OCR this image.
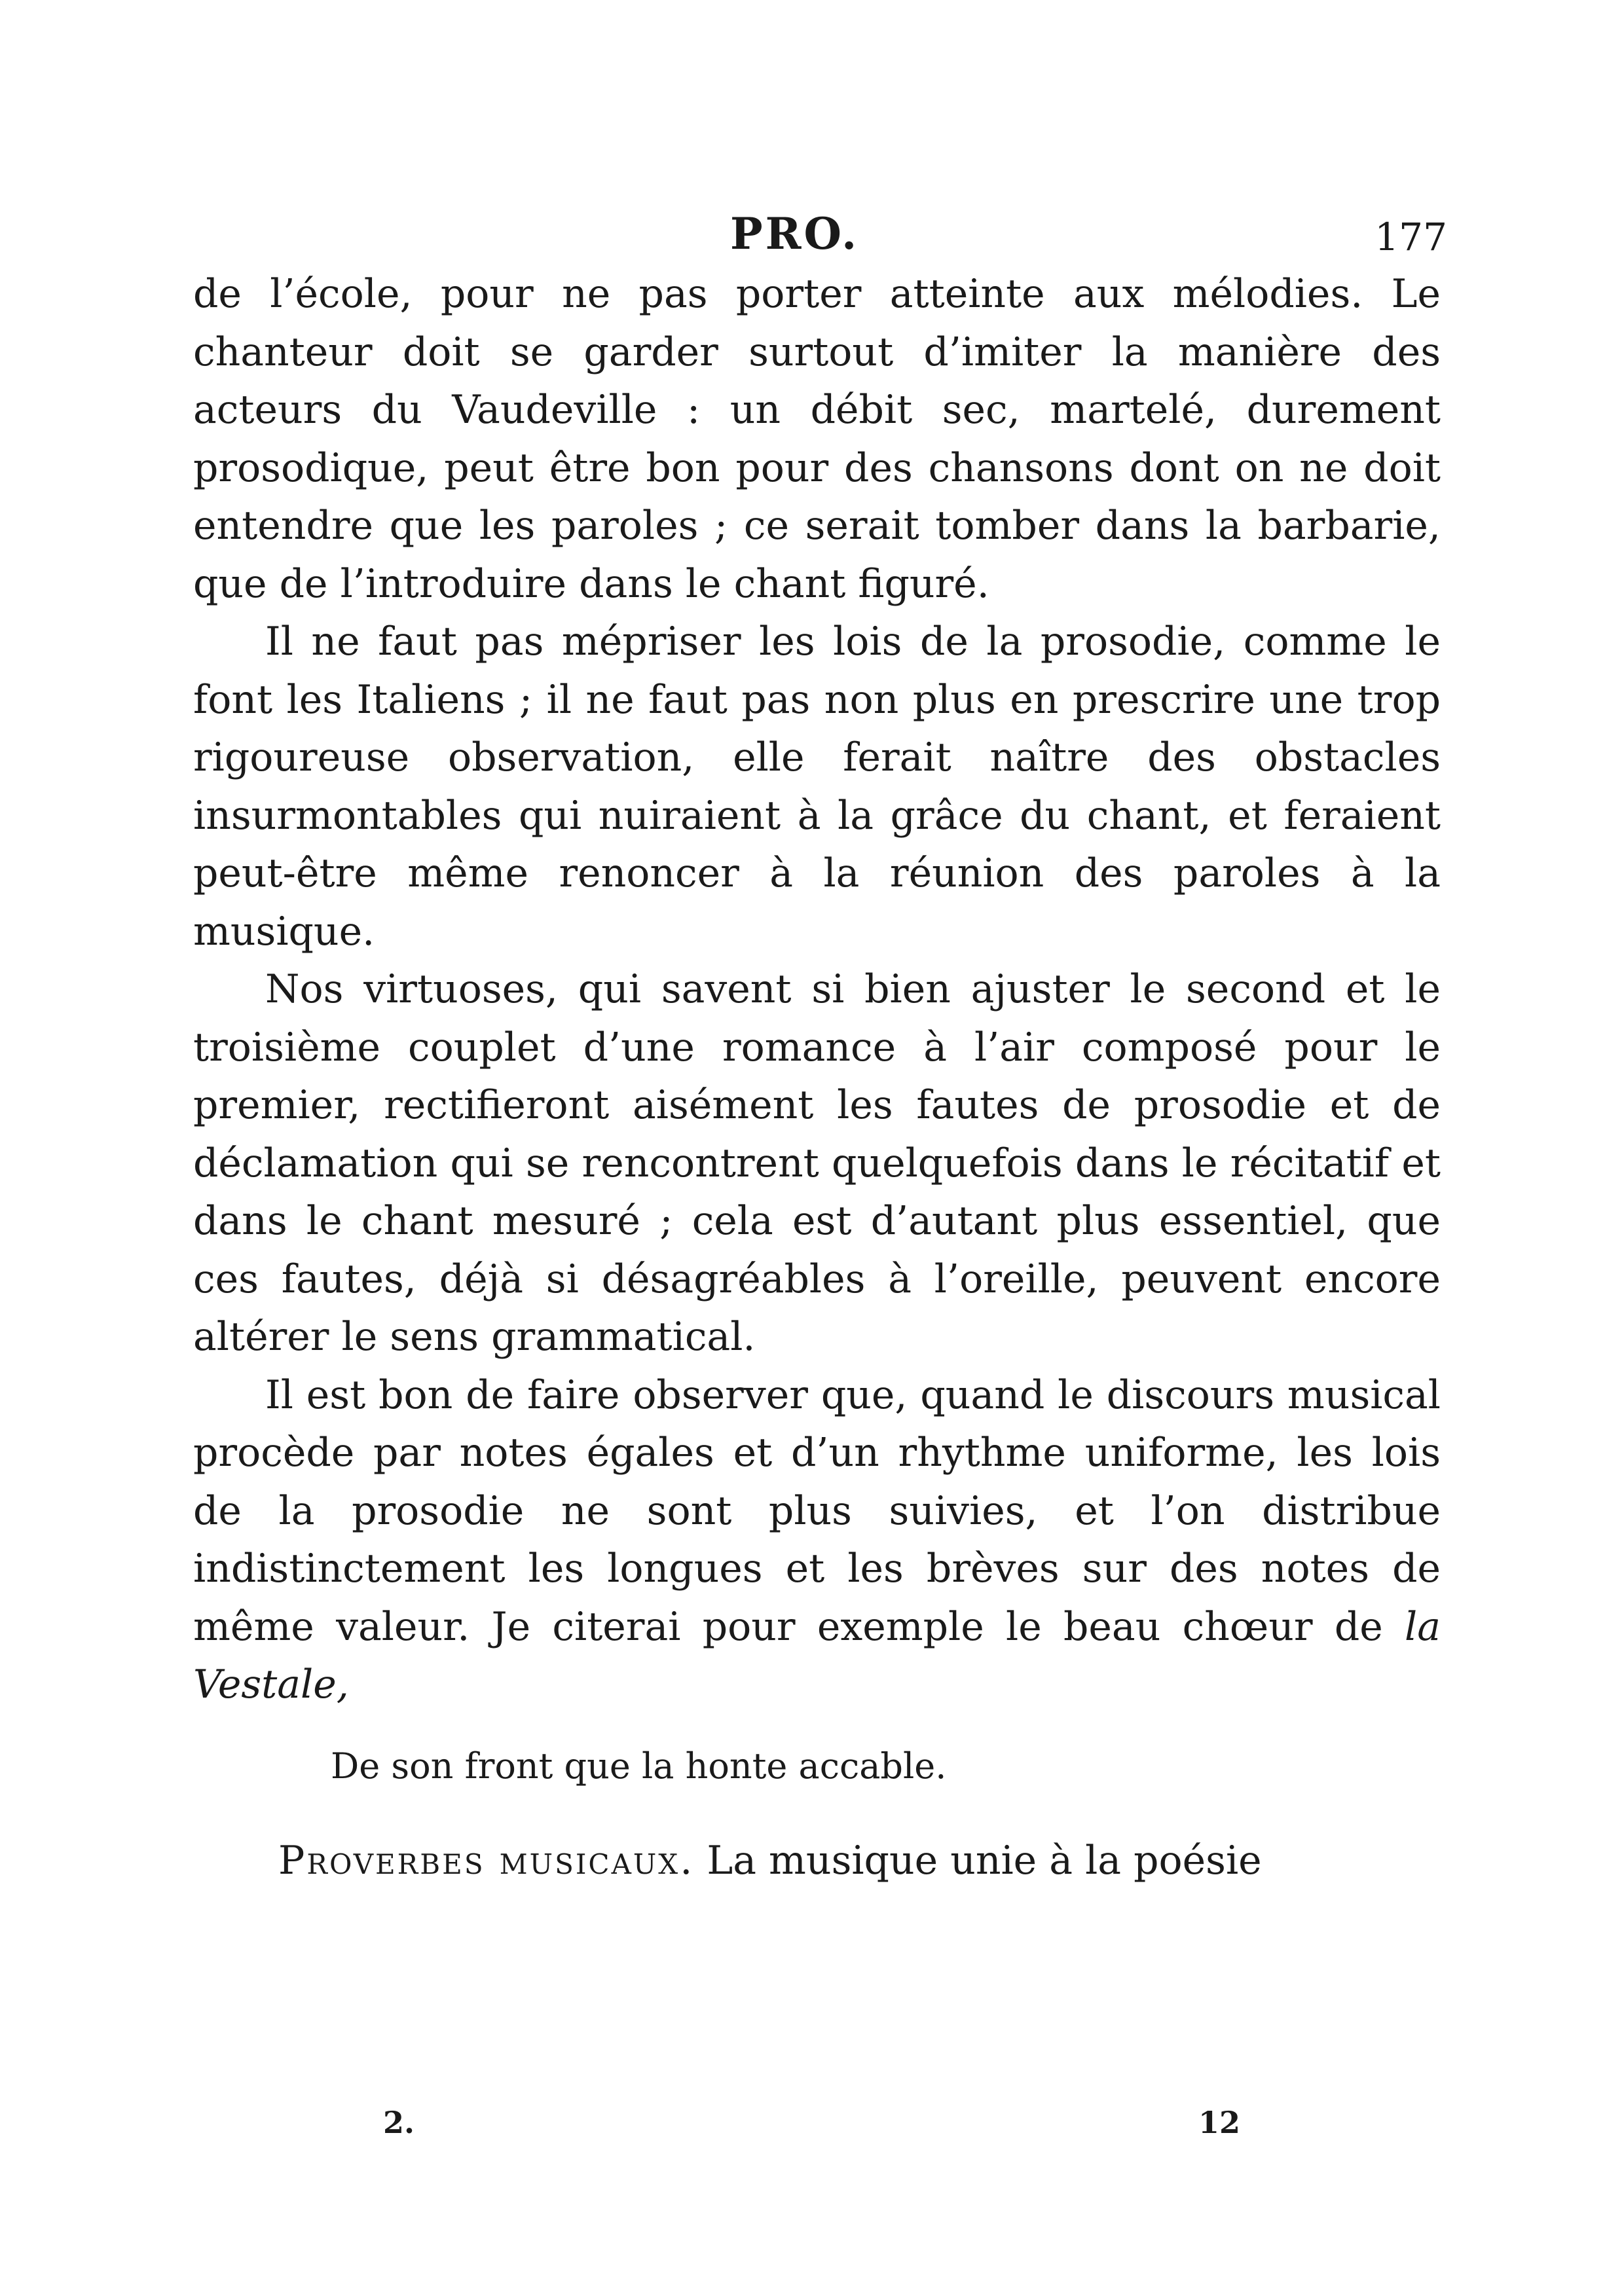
PRO.	177

de l’école, pour ne pas porter atteinte aux mélodies. Le chanteur doit se garder surtout d’imiter la manière des acteurs du Vaudeville : un débit sec, martelé, durement prosodique, peut être bon pour des chansons dont on ne doit entendre que les paroles ; ce serait tomber dans la barbarie, que de l’introduire dans le chant figuré.

Il ne faut pas mépriser les lois de la prosodie, comme le font les Italiens ; il ne faut pas non plus en prescrire une trop rigoureuse observation, elle ferait naître des obstacles insurmontables qui nuiraient à la grâce du chant, et feraient peut-être même renoncer à la réunion des paroles à la musique.

Nos virtuoses, qui savent si bien ajuster le second et le troisième couplet d’une romance à l’air composé pour le premier, rectifieront aisément les fautes de prosodie et de déclamation qui se rencontrent quelquefois dans le récitatif et dans le chant mesuré ; cela est d’autant plus essentiel, que ces fautes, déjà si désagréables à l’oreille, peuvent encore altérer le sens grammatical.

Il est bon de faire observer que, quand le discours musical procède par notes égales et d’un rhythme uniforme, les lois de la prosodie ne sont plus suivies, et l’on distribue indistinctement les longues et les brèves sur des notes de même valeur. Je citerai pour exemple le beau chœur de la Vestale,

De son front que la honte accable.

Proverbes musicaux. La musique unie à la poésie

2.	12
